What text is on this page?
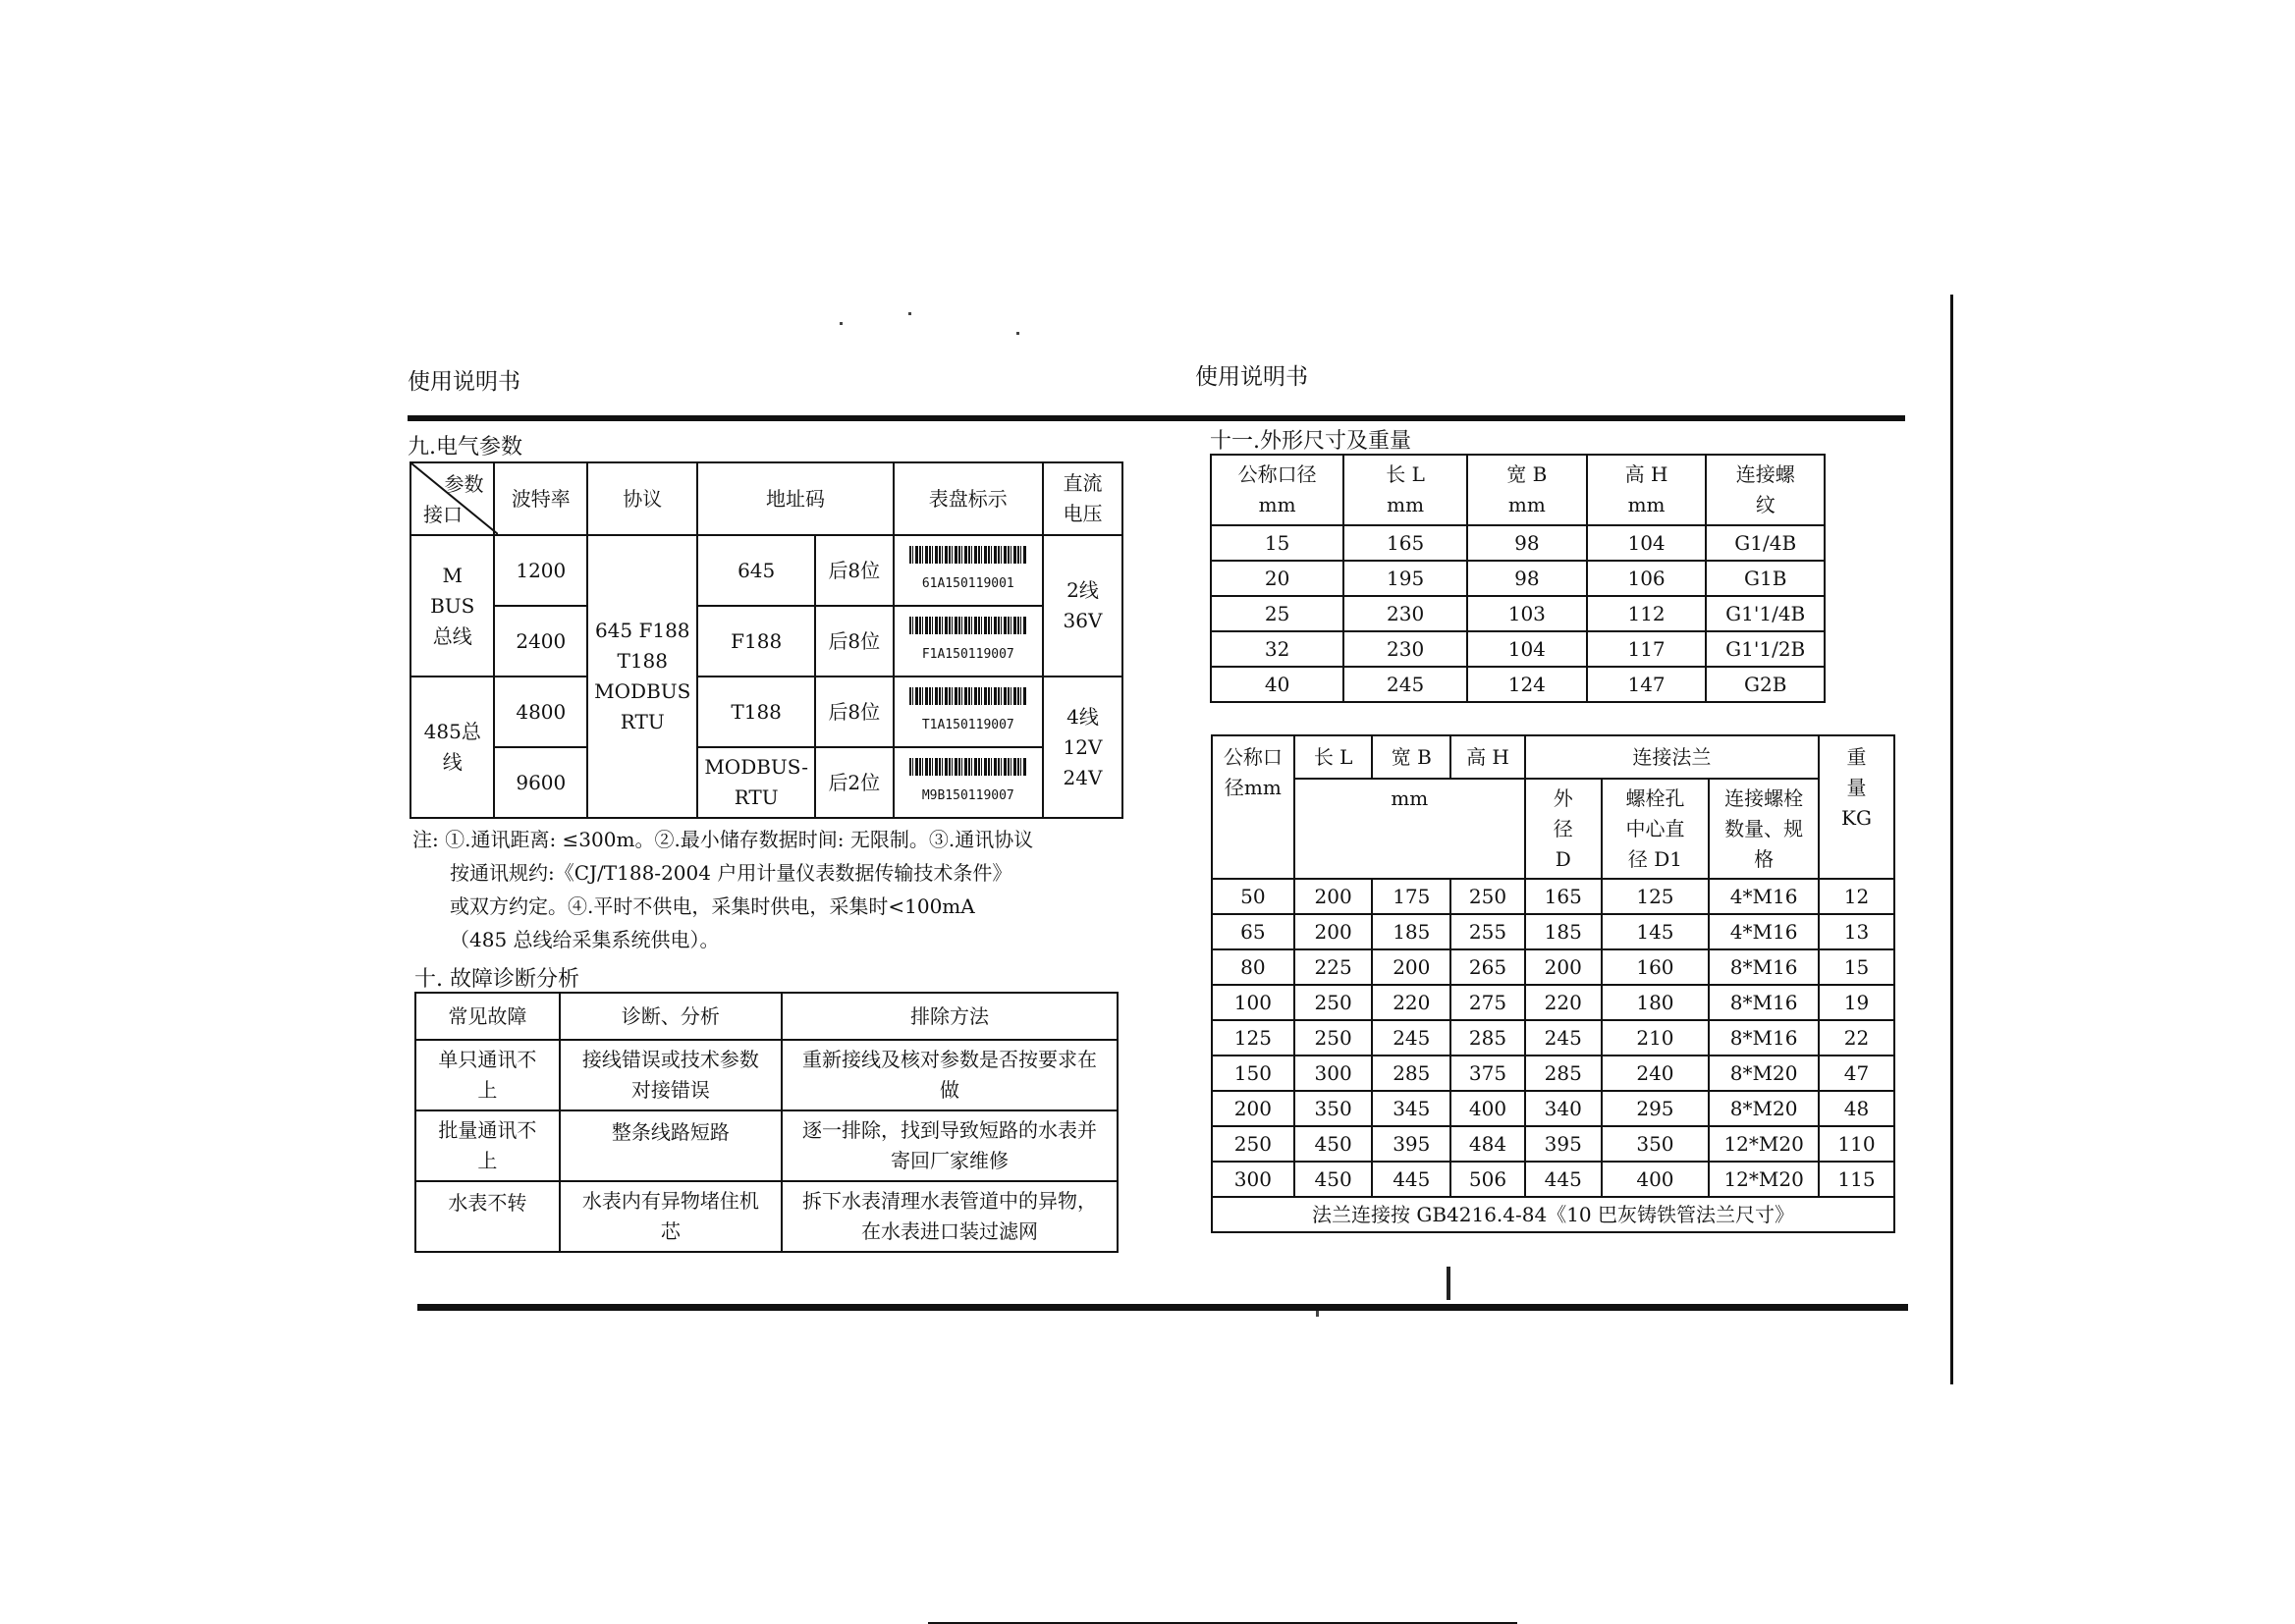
使用说明书	使用说明书
九.电气参数
参数
接口	波特率	协议	地址码		表盘标示	直流电压
M BUS总线	1200	645 F188 T188 MODBUS RTU	645	后8位	61A150119001	2线 36V
	2400		F188	后8位	F1A150119007	
485总线	4800		T188	后8位	T1A150119007	4线 12V 24V
	9600		MODBUS-RTU	后2位	M9B150119007	
注: ①.通讯距离: ≤300m。②.最小储存数据时间: 无限制。③.通讯协议
按通讯规约:《CJ/T188-2004 户用计量仪表数据传输技术条件》
或双方约定。④.平时不供电，采集时供电，采集时<100mA
（485 总线给采集系统供电）。
十. 故障诊断分析
常见故障	诊断、分析	排除方法
单只通讯不上	接线错误或技术参数对接错误	重新接线及核对参数是否按要求在做
批量通讯不上	整条线路短路	逐一排除，找到导致短路的水表并寄回厂家维修
水表不转	水表内有异物堵住机芯	拆下水表清理水表管道中的异物，在水表进口装过滤网
十一.外形尺寸及重量
公称口径 mm	长 L mm	宽 B mm	高 H mm	连接螺纹
15	165	98	104	G1/4B
20	195	98	106	G1B
25	230	103	112	G1'1/4B
32	230	104	117	G1'1/2B
40	245	124	147	G2B
公称口径mm	长 L	宽 B	高 H	连接法兰			重量 KG
	mm			外径 D	螺栓孔中心直径 D1	连接螺栓数量、规格	
50	200	175	250	165	125	4*M16	12
65	200	185	255	185	145	4*M16	13
80	225	200	265	200	160	8*M16	15
100	250	220	275	220	180	8*M16	19
125	250	245	285	245	210	8*M16	22
150	300	285	375	285	240	8*M20	47
200	350	345	400	340	295	8*M20	48
250	450	395	484	395	350	12*M20	110
300	450	445	506	445	400	12*M20	115
法兰连接按 GB4216.4-84《10 巴灰铸铁管法兰尺寸》							
